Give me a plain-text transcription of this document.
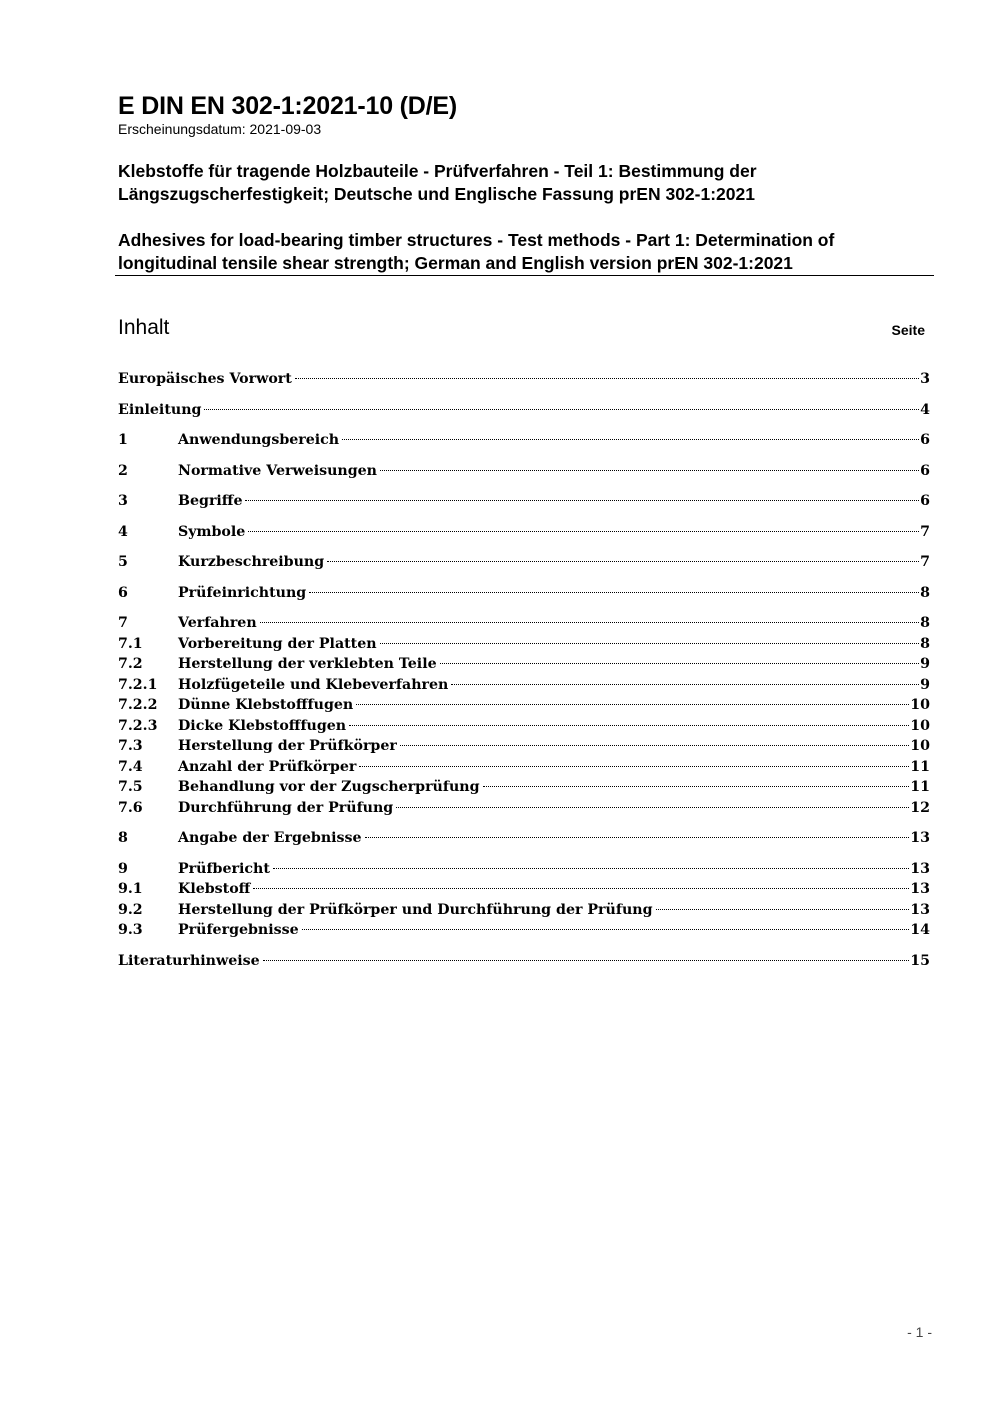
E DIN EN 302-1:2021-10 (D/E)
Erscheinungsdatum: 2021-09-03
Klebstoffe für tragende Holzbauteile - Prüfverfahren - Teil 1: Bestimmung der Längszugscherfestigkeit; Deutsche und Englische Fassung prEN 302-1:2021
Adhesives for load-bearing timber structures - Test methods - Part 1: Determination of longitudinal tensile shear strength; German and English version prEN 302-1:2021
Inhalt	Seite
Europäisches Vorwort	3
Einleitung	4
1	Anwendungsbereich	6
2	Normative Verweisungen	6
3	Begriffe	6
4	Symbole	7
5	Kurzbeschreibung	7
6	Prüfeinrichtung	8
7	Verfahren	8
7.1	Vorbereitung der Platten	8
7.2	Herstellung der verklebten Teile	9
7.2.1	Holzfügeteile und Klebeverfahren	9
7.2.2	Dünne Klebstofffugen	10
7.2.3	Dicke Klebstofffugen	10
7.3	Herstellung der Prüfkörper	10
7.4	Anzahl der Prüfkörper	11
7.5	Behandlung vor der Zugscherprüfung	11
7.6	Durchführung der Prüfung	12
8	Angabe der Ergebnisse	13
9	Prüfbericht	13
9.1	Klebstoff	13
9.2	Herstellung der Prüfkörper und Durchführung der Prüfung	13
9.3	Prüfergebnisse	14
Literaturhinweise	15
- 1 -
